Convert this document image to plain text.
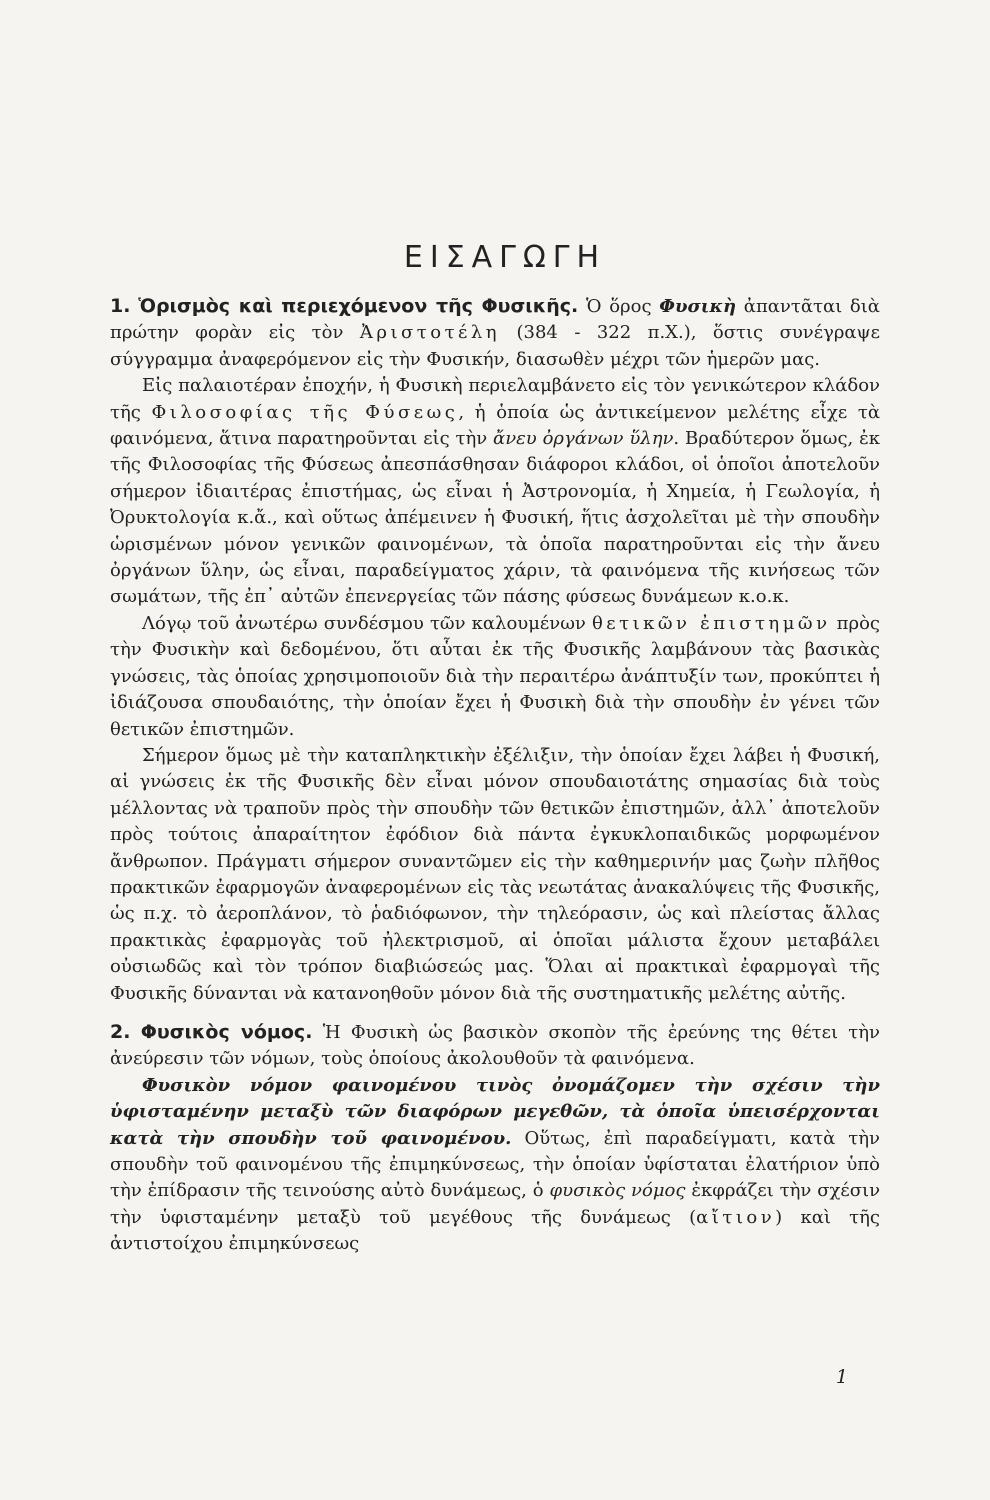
ΕΙΣΑΓΩΓΗ

1. Ὁρισμὸς καὶ περιεχόμενον τῆς Φυσικῆς. Ὁ ὅρος Φυσικὴ ἀπαντᾶται διὰ πρώτην φορὰν εἰς τὸν Ἀριστοτέλη (384 - 322 π.Χ.), ὅστις συνέγραψε σύγγραμμα ἀναφερόμενον εἰς τὴν Φυσικήν, διασωθὲν μέχρι τῶν ἡμερῶν μας.

Εἰς παλαιοτέραν ἐποχήν, ἡ Φυσικὴ περιελαμβάνετο εἰς τὸν γενικώτερον κλάδον τῆς Φιλοσοφίας τῆς Φύσεως, ἡ ὁποία ὡς ἀντικείμενον μελέτης εἶχε τὰ φαινόμενα, ἅτινα παρατηροῦνται εἰς τὴν ἄνευ ὀργάνων ὕλην. Βραδύτερον ὅμως, ἐκ τῆς Φιλοσοφίας τῆς Φύσεως ἀπεσπάσθησαν διάφοροι κλάδοι, οἱ ὁποῖοι ἀποτελοῦν σήμερον ἰδιαιτέρας ἐπιστήμας, ὡς εἶναι ἡ Ἀστρονομία, ἡ Χημεία, ἡ Γεωλογία, ἡ Ὀρυκτολογία κ.ἄ., καὶ οὕτως ἀπέμεινεν ἡ Φυσική, ἥτις ἀσχολεῖται μὲ τὴν σπουδὴν ὡρισμένων μόνον γενικῶν φαινομένων, τὰ ὁποῖα παρατηροῦνται εἰς τὴν ἄνευ ὀργάνων ὕλην, ὡς εἶναι, παραδείγματος χάριν, τὰ φαινόμενα τῆς κινήσεως τῶν σωμάτων, τῆς ἐπ᾽ αὐτῶν ἐπενεργείας τῶν πάσης φύσεως δυνάμεων κ.ο.κ.

Λόγῳ τοῦ ἀνωτέρω συνδέσμου τῶν καλουμένων θετικῶν ἐπιστημῶν πρὸς τὴν Φυσικὴν καὶ δεδομένου, ὅτι αὗται ἐκ τῆς Φυσικῆς λαμβάνουν τὰς βασικὰς γνώσεις, τὰς ὁποίας χρησιμοποιοῦν διὰ τὴν περαιτέρω ἀνάπτυξίν των, προκύπτει ἡ ἰδιάζουσα σπουδαιότης, τὴν ὁποίαν ἔχει ἡ Φυσικὴ διὰ τὴν σπουδὴν ἐν γένει τῶν θετικῶν ἐπιστημῶν.

Σήμερον ὅμως μὲ τὴν καταπληκτικὴν ἐξέλιξιν, τὴν ὁποίαν ἔχει λάβει ἡ Φυσική, αἱ γνώσεις ἐκ τῆς Φυσικῆς δὲν εἶναι μόνον σπουδαιοτάτης σημασίας διὰ τοὺς μέλλοντας νὰ τραποῦν πρὸς τὴν σπουδὴν τῶν θετικῶν ἐπιστημῶν, ἀλλ᾽ ἀποτελοῦν πρὸς τούτοις ἀπαραίτητον ἐφόδιον διὰ πάντα ἐγκυκλοπαιδικῶς μορφωμένον ἄνθρωπον. Πράγματι σήμερον συναντῶμεν εἰς τὴν καθημερινήν μας ζωὴν πλῆθος πρακτικῶν ἐφαρμογῶν ἀναφερομένων εἰς τὰς νεωτάτας ἀνακαλύψεις τῆς Φυσικῆς, ὡς π.χ. τὸ ἀεροπλάνον, τὸ ῥαδιόφωνον, τὴν τηλεόρασιν, ὡς καὶ πλείστας ἄλλας πρακτικὰς ἐφαρμογὰς τοῦ ἠλεκτρισμοῦ, αἱ ὁποῖαι μάλιστα ἔχουν μεταβάλει οὐσιωδῶς καὶ τὸν τρόπον διαβιώσεώς μας. Ὅλαι αἱ πρακτικαὶ ἐφαρμογαὶ τῆς Φυσικῆς δύνανται νὰ κατανοηθοῦν μόνον διὰ τῆς συστηματικῆς μελέτης αὐτῆς.

2. Φυσικὸς νόμος. Ἡ Φυσικὴ ὡς βασικὸν σκοπὸν τῆς ἐρεύνης της θέτει τὴν ἀνεύρεσιν τῶν νόμων, τοὺς ὁποίους ἀκολουθοῦν τὰ φαινόμενα.

Φυσικὸν νόμον φαινομένου τινὸς ὀνομάζομεν τὴν σχέσιν τὴν ὑφισταμένην μεταξὺ τῶν διαφόρων μεγεθῶν, τὰ ὁποῖα ὑπεισέρχονται κατὰ τὴν σπουδὴν τοῦ φαινομένου. Οὕτως, ἐπὶ παραδείγματι, κατὰ τὴν σπουδὴν τοῦ φαινομένου τῆς ἐπιμηκύνσεως, τὴν ὁποίαν ὑφίσταται ἐλατήριον ὑπὸ τὴν ἐπίδρασιν τῆς τεινούσης αὐτὸ δυνάμεως, ὁ φυσικὸς νόμος ἐκφράζει τὴν σχέσιν τὴν ὑφισταμένην μεταξὺ τοῦ μεγέθους τῆς δυνάμεως (αἴτιον) καὶ τῆς ἀντιστοίχου ἐπιμηκύνσεως

1
